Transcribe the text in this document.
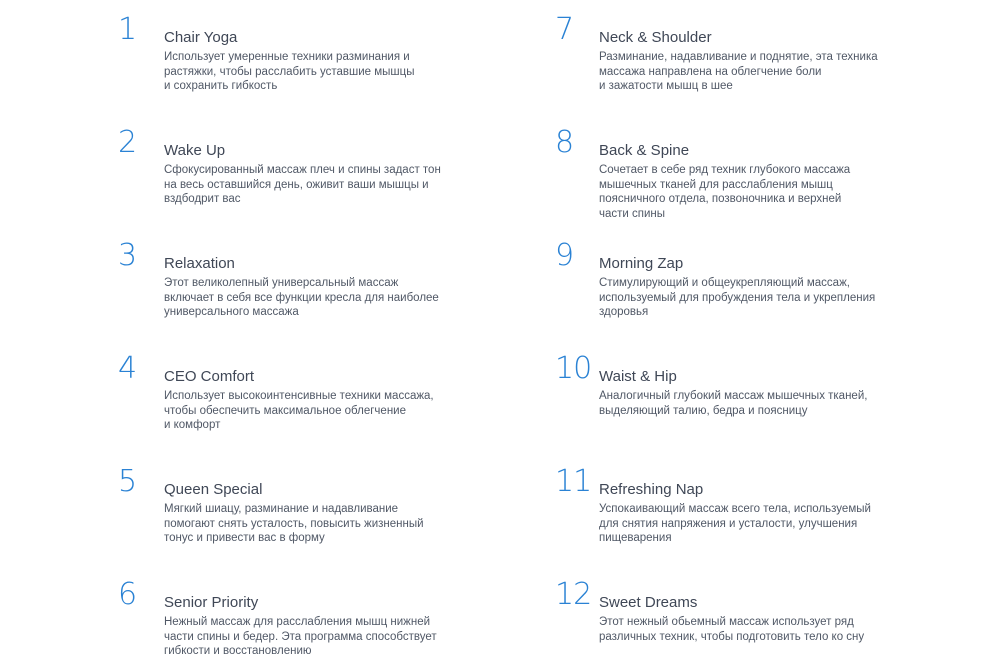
1	Chair Yoga
Использует умеренные техники разминания и
растяжки, чтобы расслабить уставшие мышцы
и сохранить гибкость
2	Wake Up
Сфокусированный массаж плеч и спины задаст тон
на весь оставшийся день, оживит ваши мышцы и
вздбодрит вас
3	Relaxation
Этот великолепный универсальный массаж
включает в себя все функции кресла для наиболее
универсального массажа
4	CEO Comfort
Использует высокоинтенсивные техники массажа,
чтобы обеспечить максимальное облегчение
и комфорт
5	Queen Special
Мягкий шиацу, разминание и надавливание
помогают снять усталость, повысить жизненный
тонус и привести вас в форму
6	Senior Priority
Нежный массаж для расслабления мышц нижней
части спины и бедер. Эта программа способствует
гибкости и восстановлению
7	Neck & Shoulder
Разминание, надавливание и поднятие, эта техника
массажа направлена на облегчение боли
и зажатости мышц в шее
8	Back & Spine
Сочетает в себе ряд техник глубокого массажа
мышечных тканей для расслабления мышц
поясничного отдела, позвоночника и верхней
части спины
9	Morning Zap
Стимулирующий и общеукрепляющий массаж,
используемый для пробуждения тела и укрепления
здоровья
10 Waist & Hip
Аналогичный глубокий массаж мышечных тканей,
выделяющий талию, бедра и поясницу
11 Refreshing Nap
Успокаивающий массаж всего тела, используемый
для снятия напряжения и усталости, улучшения
пищеварения
12 Sweet Dreams
Этот нежный обьемный массаж использует ряд
различных техник, чтобы подготовить тело ко сну
